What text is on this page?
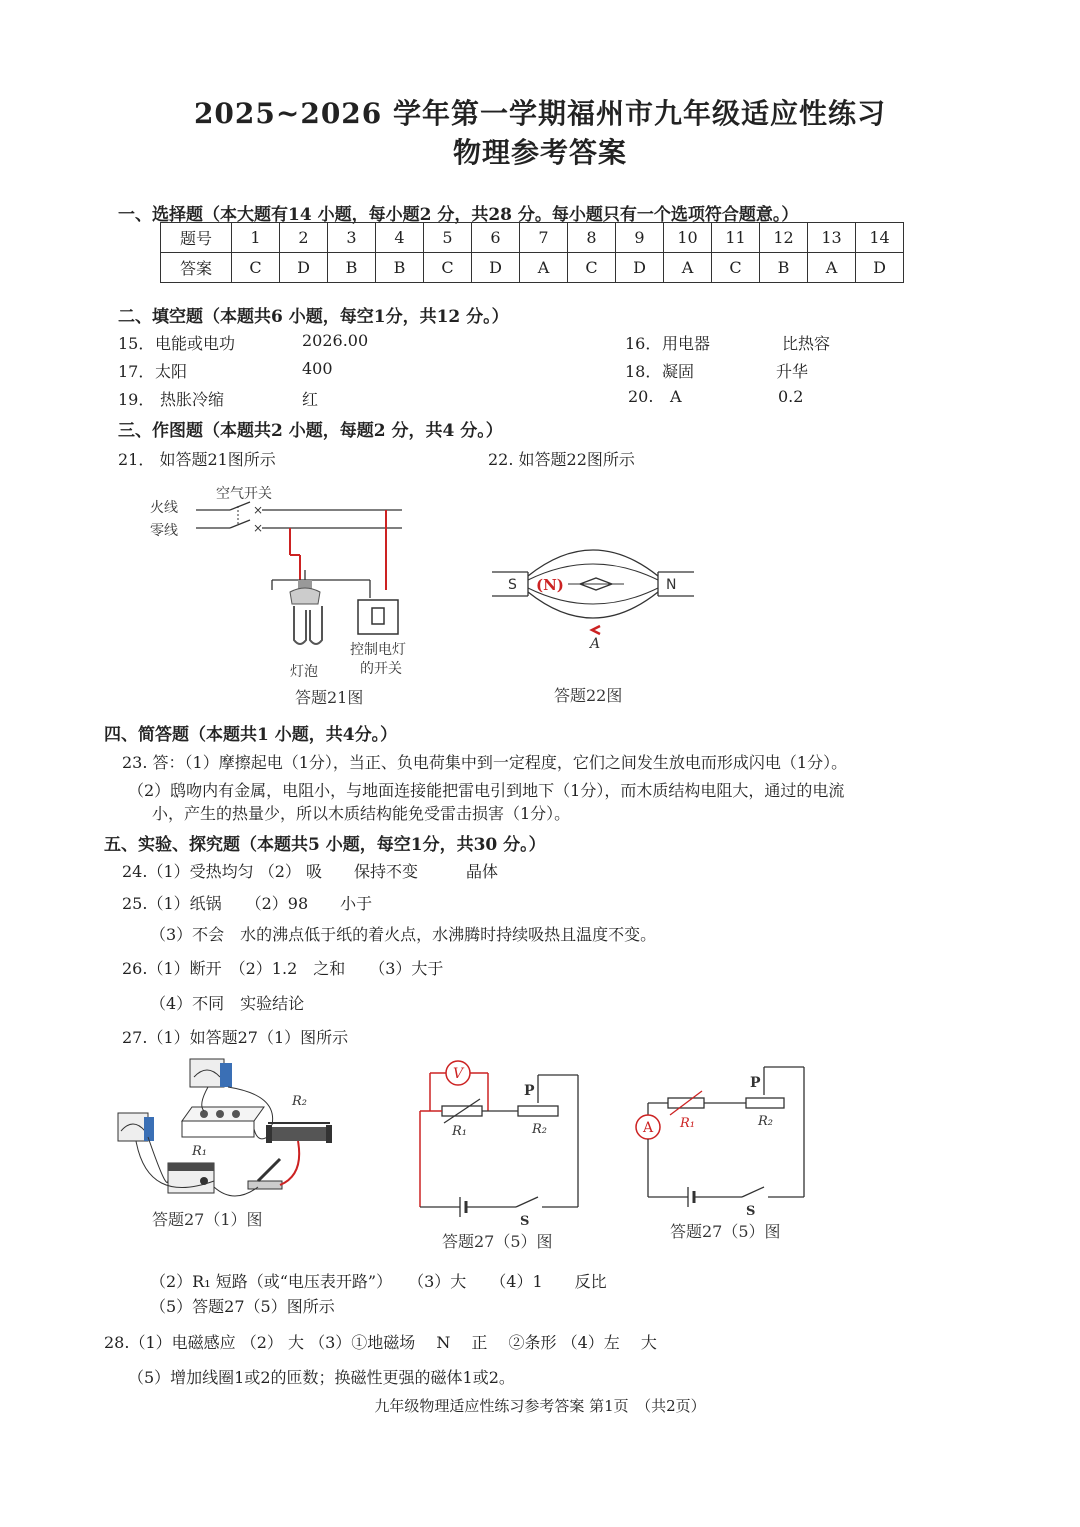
2025~2026 学年第一学期福州市九年级适应性练习
物理参考答案
一、选择题（本大题有14 小题，每小题2 分，共28 分。每小题只有一个选项符合题意。）
题号	1	2	3	4	5	6	7	8	9	10	11	12	13	14
答案	C	D	B	B	C	D	A	C	D	A	C	B	A	D
二、填空题（本题共6 小题，每空1分，共12 分。）
15． 电能或电功	2026.00	16． 用电器	比热容
17． 太阳	400	18． 凝固	升华
19． 热胀冷缩	红	20. A	0.2
三、作图题（本题共2 小题，每题2 分，共4 分。）
21． 如答题21图所示	22. 如答题22图所示
火线
零线
空气开关
×
×
灯泡
控制电灯
的开关
答题21图
S	N
(N)
A
答题22图
四、简答题（本题共1 小题，共4分。）
23. 答：（1）摩擦起电（1分），当正、负电荷集中到一定程度，它们之间发生放电而形成闪电（1分）。
（2）鸱吻内有金属，电阻小，与地面连接能把雷电引到地下（1分），而木质结构电阻大，通过的电流
小，产生的热量少，所以木质结构能免受雷击损害（1分）。
五、实验、探究题（本题共5 小题，每空1分，共30 分。）
24.（1）受热均匀 （2） 吸　　保持不变　　　晶体
25.（1）纸锅　　（2）98　　小于
（3）不会　水的沸点低于纸的着火点，水沸腾时持续吸热且温度不变。
26.（1）断开　（2）1.2　之和　　（3）大于
（4）不同　实验结论
27.（1）如答题27（1）图所示
R₁
R₂
答题27（1）图
V
R₁
P
R₂
S
答题27（5）图
R₁
P
R₂
A
S
答题27（5）图
（2）R₁ 短路（或“电压表开路”）　　（3）大　　（4）1　　反比
（5）答题27（5）图所示
28.（1）电磁感应 （2） 大 （3）①地磁场　 N　 正　 ②条形 （4）左　 大
（5）增加线圈1或2的匝数；换磁性更强的磁体1或2。
九年级物理适应性练习参考答案 第1页　（共2页）
